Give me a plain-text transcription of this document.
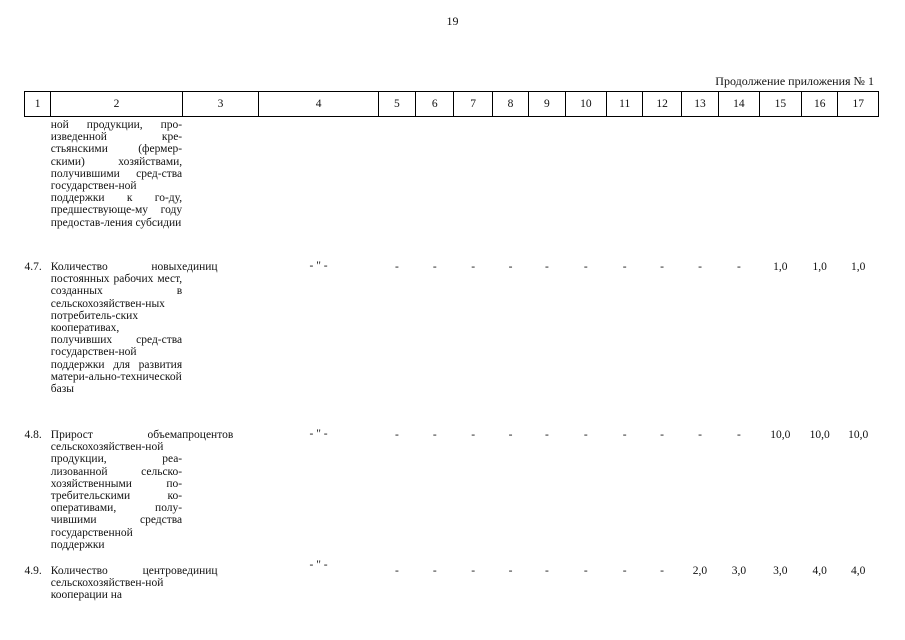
19
Продолжение приложения № 1
1	2	3	4	5	6	7	8	9	10	11	12	13	14	15	16	17
	ной продукции, про-изведенной кре-стьянскими (фермер-скими) хозяйствами, получившими сред-ства государствен-ной поддержки к го-ду, предшествующе-му году предостав-ления субсидии															
4.7.	Количество новых постоянных рабочих мест, созданных в сельскохозяйствен-ных потребитель-ских кооперативах, получивших сред-ства государствен-ной поддержки для развития матери-ально-технической базы	единиц	- " -	-	-	-	-	-	-	-	-	-	-	1,0	1,0	1,0
4.8.	Прирост объема сельскохозяйствен-ной продукции, реа-лизованной сельско-хозяйственными по-требительскими ко-оперативами, полу-чившими средства государственной поддержки	процентов	- " -	-	-	-	-	-	-	-	-	-	-	10,0	10,0	10,0
4.9.	Количество центров сельскохозяйствен-ной кооперации на	единиц	- " -	-	-	-	-	-	-	-	-	2,0	3,0	3,0	4,0	4,0
